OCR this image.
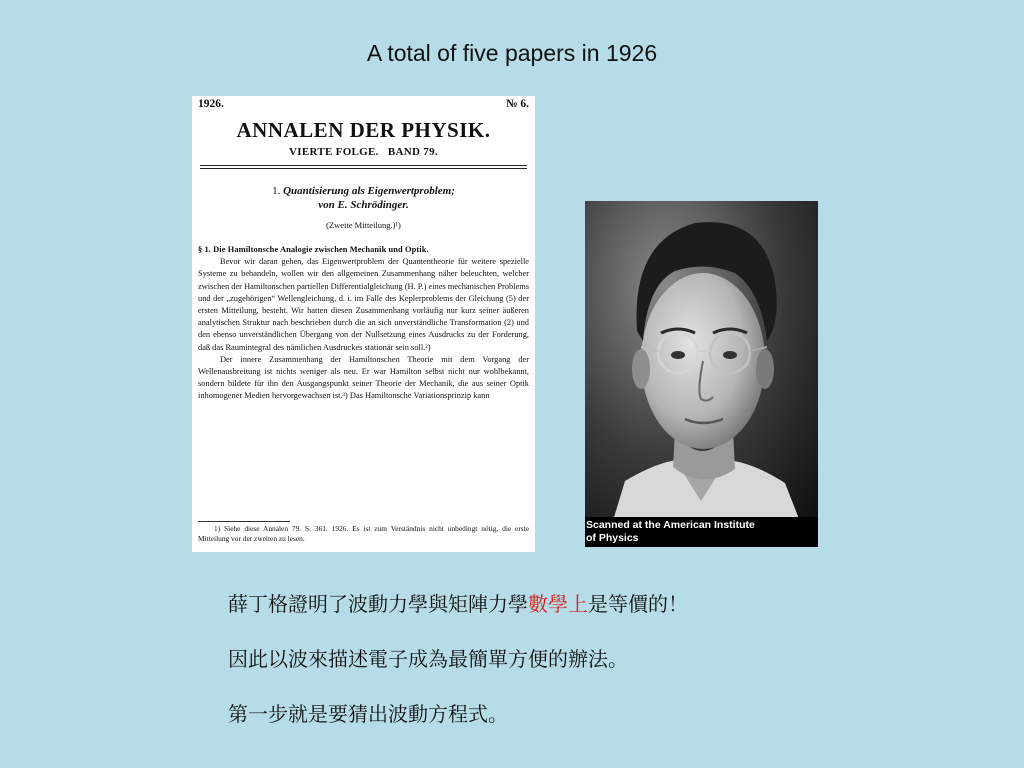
A total of five papers in 1926
1926.	№ 6.
ANNALEN DER PHYSIK.
VIERTE FOLGE.   BAND 79.
1. Quantisierung als Eigenwertproblem;
von E. Schrödinger.
(Zweite Mitteilung.)¹)

§ 1. Die Hamiltonsche Analogie zwischen Mechanik und Optik.

Bevor wir daran gehen, das Eigenwertproblem der Quantentheorie für weitere spezielle Systeme zu behandeln, wollen wir den allgemeinen Zusammenhang näher beleuchten, welcher zwischen der Hamiltonschen partiellen Differentialgleichung (H. P.) eines mechanischen Problems und der „zugehörigen“ Wellengleichung, d. i. im Falle des Keplerproblems der Gleichung (5) der ersten Mitteilung, besteht. Wir hatten diesen Zusammenhang vorläufig nur kurz seiner äußeren analytischen Struktur nach beschrieben durch die an sich unverständliche Transformation (2) und den ebenso unverständlichen Übergang von der Nullsetzung eines Ausdrucks zu der Forderung, daß das Raumintegral des nämlichen Ausdruckes stationär sein soll.²)

Der innere Zusammenhang der Hamiltonschen Theorie mit dem Vorgang der Wellenausbreitung ist nichts weniger als neu. Er war Hamilton selbst nicht nur wohlbekannt, sondern bildete für ihn den Ausgangspunkt seiner Theorie der Mechanik, die aus seiner Optik inhomogener Medien hervorgewachsen ist.³) Das Hamiltonsche Variationsprinzip kann

1) Siehe diese Annalen 79. S. 361. 1926. Es ist zum Verständnis nicht unbedingt nötig, die erste Mitteilung vor der zweiten zu lesen.

Scanned at the American Institute
of Physics
薛丁格證明了波動力學與矩陣力學數學上是等價的！
因此以波來描述電子成為最簡單方便的辦法。
第一步就是要猜出波動方程式。
